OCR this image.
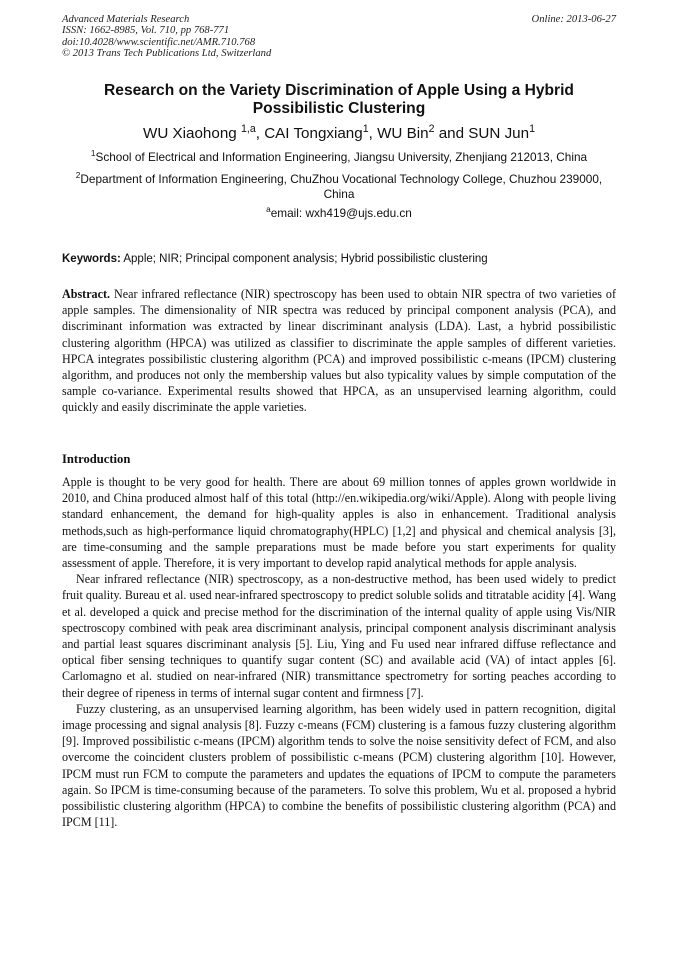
Advanced Materials Research
ISSN: 1662-8985, Vol. 710, pp 768-771
doi:10.4028/www.scientific.net/AMR.710.768
© 2013 Trans Tech Publications Ltd, Switzerland
Online: 2013-06-27
Research on the Variety Discrimination of Apple Using a Hybrid
Possibilistic Clustering
WU Xiaohong $^{1,a}$, CAI Tongxiang$^1$, WU Bin$^2$ and SUN Jun$^1$
$^1$School of Electrical and Information Engineering, Jiangsu University, Zhenjiang 212013, China
$^2$Department of Information Engineering, ChuZhou Vocational Technology College, Chuzhou 239000, China
$^a$email: wxh419@ujs.edu.cn
Keywords: Apple; NIR; Principal component analysis; Hybrid possibilistic clustering
Abstract. Near infrared reflectance (NIR) spectroscopy has been used to obtain NIR spectra of two varieties of apple samples. The dimensionality of NIR spectra was reduced by principal component analysis (PCA), and discriminant information was extracted by linear discriminant analysis (LDA). Last, a hybrid possibilistic clustering algorithm (HPCA) was utilized as classifier to discriminate the apple samples of different varieties. HPCA integrates possibilistic clustering algorithm (PCA) and improved possibilistic c-means (IPCM) clustering algorithm, and produces not only the membership values but also typicality values by simple computation of the sample co-variance. Experimental results showed that HPCA, as an unsupervised learning algorithm, could quickly and easily discriminate the apple varieties.
Introduction

Apple is thought to be very good for health. There are about 69 million tonnes of apples grown worldwide in 2010, and China produced almost half of this total (http://en.wikipedia.org/wiki/Apple). Along with people living standard enhancement, the demand for high-quality apples is also in enhancement. Traditional analysis methods,such as high-performance liquid chromatography(HPLC) [1,2] and physical and chemical analysis [3], are time-consuming and the sample preparations must be made before you start experiments for quality assessment of apple. Therefore, it is very important to develop rapid analytical methods for apple analysis.

Near infrared reflectance (NIR) spectroscopy, as a non-destructive method, has been used widely to predict fruit quality. Bureau et al. used near-infrared spectroscopy to predict soluble solids and titratable acidity [4]. Wang et al. developed a quick and precise method for the discrimination of the internal quality of apple using Vis/NIR spectroscopy combined with peak area discriminant analysis, principal component analysis discriminant analysis and partial least squares discriminant analysis [5]. Liu, Ying and Fu used near infrared diffuse reflectance and optical fiber sensing techniques to quantify sugar content (SC) and available acid (VA) of intact apples [6]. Carlomagno et al. studied on near-infrared (NIR) transmittance spectrometry for sorting peaches according to their degree of ripeness in terms of internal sugar content and firmness [7].

Fuzzy clustering, as an unsupervised learning algorithm, has been widely used in pattern recognition, digital image processing and signal analysis [8]. Fuzzy c-means (FCM) clustering is a famous fuzzy clustering algorithm [9]. Improved possibilistic c-means (IPCM) algorithm tends to solve the noise sensitivity defect of FCM, and also overcome the coincident clusters problem of possibilistic c-means (PCM) clustering algorithm [10]. However, IPCM must run FCM to compute the parameters and updates the equations of IPCM to compute the parameters again. So IPCM is time-consuming because of the parameters. To solve this problem, Wu et al. proposed a hybrid possibilistic clustering algorithm (HPCA) to combine the benefits of possibilistic clustering algorithm (PCA) and IPCM [11].
